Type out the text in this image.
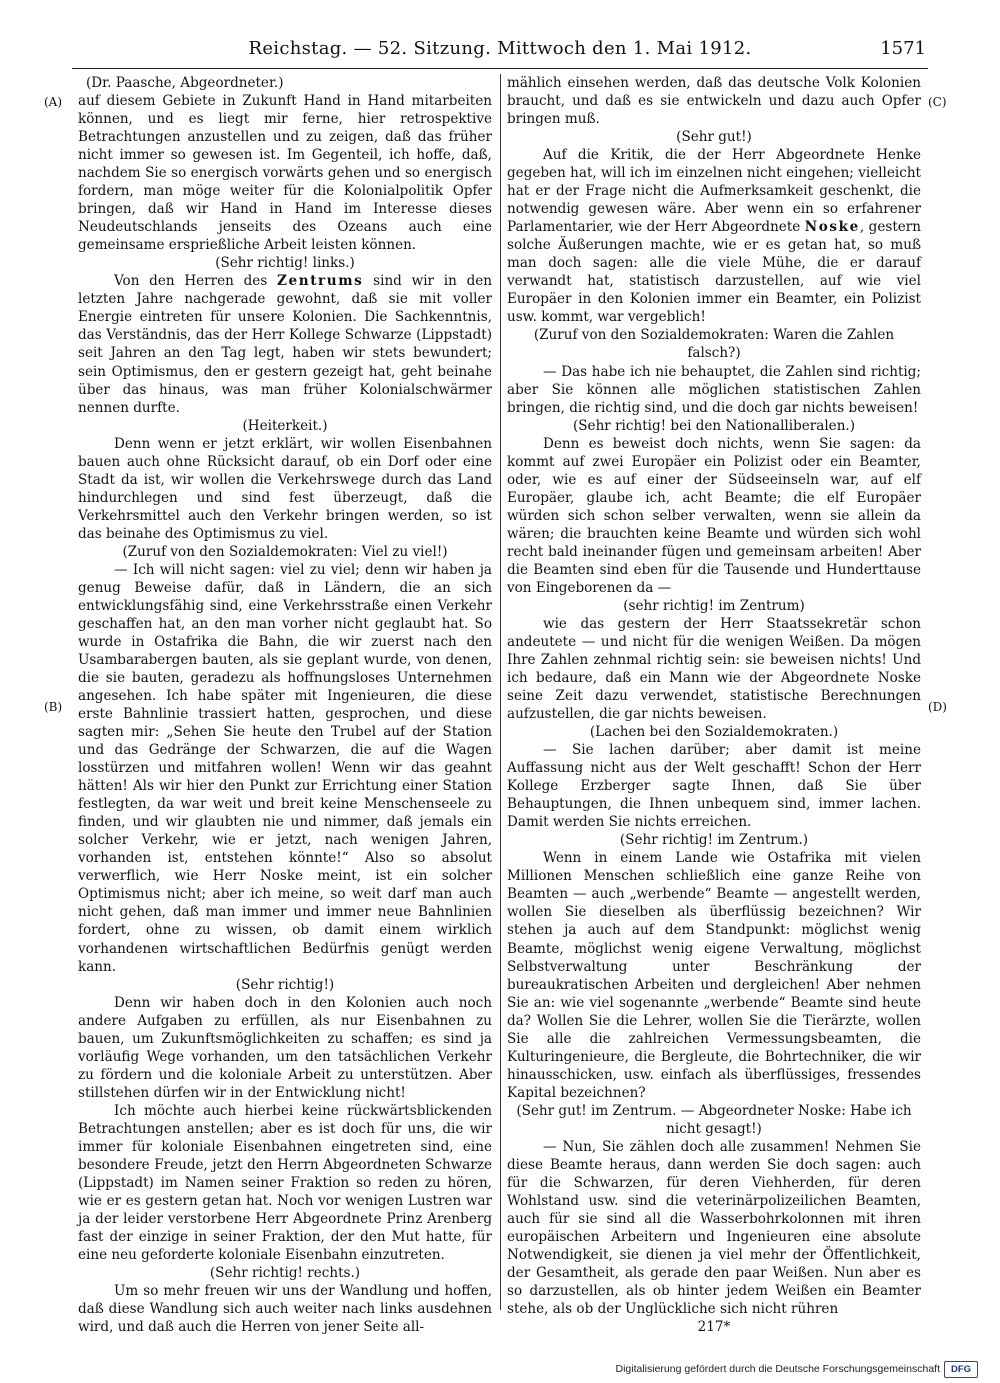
Reichstag. — 52. Sitzung. Mittwoch den 1. Mai 1912.	1571
(A)
(B)
(C)
(D)

(Dr. Paasche, Abgeordneter.)

auf diesem Gebiete in Zukunft Hand in Hand mitarbeiten können, und es liegt mir ferne, hier retrospektive Betrachtungen anzustellen und zu zeigen, daß das früher nicht immer so gewesen ist. Im Gegenteil, ich hoffe, daß, nachdem Sie so energisch vorwärts gehen und so energisch fordern, man möge weiter für die Kolonialpolitik Opfer bringen, daß wir Hand in Hand im Interesse dieses Neudeutschlands jenseits des Ozeans auch eine gemeinsame ersprießliche Arbeit leisten können.

(Sehr richtig! links.)

Von den Herren des Zentrums sind wir in den letzten Jahre nachgerade gewohnt, daß sie mit voller Energie eintreten für unsere Kolonien. Die Sachkenntnis, das Verständnis, das der Herr Kollege Schwarze (Lippstadt) seit Jahren an den Tag legt, haben wir stets bewundert; sein Optimismus, den er gestern gezeigt hat, geht beinahe über das hinaus, was man früher Kolonialschwärmer nennen durfte.

(Heiterkeit.)

Denn wenn er jetzt erklärt, wir wollen Eisenbahnen bauen auch ohne Rücksicht darauf, ob ein Dorf oder eine Stadt da ist, wir wollen die Verkehrswege durch das Land hindurchlegen und sind fest überzeugt, daß die Verkehrsmittel auch den Verkehr bringen werden, so ist das beinahe des Optimismus zu viel.

(Zuruf von den Sozialdemokraten: Viel zu viel!)

— Ich will nicht sagen: viel zu viel; denn wir haben ja genug Beweise dafür, daß in Ländern, die an sich entwicklungsfähig sind, eine Verkehrsstraße einen Verkehr geschaffen hat, an den man vorher nicht geglaubt hat. So wurde in Ostafrika die Bahn, die wir zuerst nach den Usambarabergen bauten, als sie geplant wurde, von denen, die sie bauten, geradezu als hoffnungsloses Unternehmen angesehen. Ich habe später mit Ingenieuren, die diese erste Bahnlinie trassiert hatten, gesprochen, und diese sagten mir: „Sehen Sie heute den Trubel auf der Station und das Gedränge der Schwarzen, die auf die Wagen losstürzen und mitfahren wollen! Wenn wir das geahnt hätten! Als wir hier den Punkt zur Errichtung einer Station festlegten, da war weit und breit keine Menschenseele zu finden, und wir glaubten nie und nimmer, daß jemals ein solcher Verkehr, wie er jetzt, nach wenigen Jahren, vorhanden ist, entstehen könnte!“ Also so absolut verwerflich, wie Herr Noske meint, ist ein solcher Optimismus nicht; aber ich meine, so weit darf man auch nicht gehen, daß man immer und immer neue Bahnlinien fordert, ohne zu wissen, ob damit einem wirklich vorhandenen wirtschaftlichen Bedürfnis genügt werden kann.

(Sehr richtig!)

Denn wir haben doch in den Kolonien auch noch andere Aufgaben zu erfüllen, als nur Eisenbahnen zu bauen, um Zukunftsmöglichkeiten zu schaffen; es sind ja vorläufig Wege vorhanden, um den tatsächlichen Verkehr zu fördern und die koloniale Arbeit zu unterstützen. Aber stillstehen dürfen wir in der Entwicklung nicht!

Ich möchte auch hierbei keine rückwärtsblickenden Betrachtungen anstellen; aber es ist doch für uns, die wir immer für koloniale Eisenbahnen eingetreten sind, eine besondere Freude, jetzt den Herrn Abgeordneten Schwarze (Lippstadt) im Namen seiner Fraktion so reden zu hören, wie er es gestern getan hat. Noch vor wenigen Lustren war ja der leider verstorbene Herr Abgeordnete Prinz Arenberg fast der einzige in seiner Fraktion, der den Mut hatte, für eine neu geforderte koloniale Eisenbahn einzutreten.

(Sehr richtig! rechts.)

Um so mehr freuen wir uns der Wandlung und hoffen, daß diese Wandlung sich auch weiter nach links ausdehnen wird, und daß auch die Herren von jener Seite all-

mählich einsehen werden, daß das deutsche Volk Kolonien braucht, und daß es sie entwickeln und dazu auch Opfer bringen muß.

(Sehr gut!)

Auf die Kritik, die der Herr Abgeordnete Henke gegeben hat, will ich im einzelnen nicht eingehen; vielleicht hat er der Frage nicht die Aufmerksamkeit geschenkt, die notwendig gewesen wäre. Aber wenn ein so erfahrener Parlamentarier, wie der Herr Abgeordnete Noske, gestern solche Äußerungen machte, wie er es getan hat, so muß man doch sagen: alle die viele Mühe, die er darauf verwandt hat, statistisch darzustellen, auf wie viel Europäer in den Kolonien immer ein Beamter, ein Polizist usw. kommt, war vergeblich!

(Zuruf von den Sozialdemokraten: Waren die Zahlen falsch?)

— Das habe ich nie behauptet, die Zahlen sind richtig; aber Sie können alle möglichen statistischen Zahlen bringen, die richtig sind, und die doch gar nichts beweisen!

(Sehr richtig! bei den Nationalliberalen.)

Denn es beweist doch nichts, wenn Sie sagen: da kommt auf zwei Europäer ein Polizist oder ein Beamter, oder, wie es auf einer der Südseeinseln war, auf elf Europäer, glaube ich, acht Beamte; die elf Europäer würden sich schon selber verwalten, wenn sie allein da wären; die brauchten keine Beamte und würden sich wohl recht bald ineinander fügen und gemeinsam arbeiten! Aber die Beamten sind eben für die Tausende und Hunderttause von Eingeborenen da —

(sehr richtig! im Zentrum)

wie das gestern der Herr Staatssekretär schon andeutete — und nicht für die wenigen Weißen. Da mögen Ihre Zahlen zehnmal richtig sein: sie beweisen nichts! Und ich bedaure, daß ein Mann wie der Abgeordnete Noske seine Zeit dazu verwendet, statistische Berechnungen aufzustellen, die gar nichts beweisen.

(Lachen bei den Sozialdemokraten.)

— Sie lachen darüber; aber damit ist meine Auffassung nicht aus der Welt geschafft! Schon der Herr Kollege Erzberger sagte Ihnen, daß Sie über Behauptungen, die Ihnen unbequem sind, immer lachen. Damit werden Sie nichts erreichen.

(Sehr richtig! im Zentrum.)

Wenn in einem Lande wie Ostafrika mit vielen Millionen Menschen schließlich eine ganze Reihe von Beamten — auch „werbende“ Beamte — angestellt werden, wollen Sie dieselben als überflüssig bezeichnen? Wir stehen ja auch auf dem Standpunkt: möglichst wenig Beamte, möglichst wenig eigene Verwaltung, möglichst Selbstverwaltung unter Beschränkung der bureaukratischen Arbeiten und dergleichen! Aber nehmen Sie an: wie viel sogenannte „werbende“ Beamte sind heute da? Wollen Sie die Lehrer, wollen Sie die Tierärzte, wollen Sie alle die zahlreichen Vermessungsbeamten, die Kulturingenieure, die Bergleute, die Bohrtechniker, die wir hinausschicken, usw. einfach als überflüssiges, fressendes Kapital bezeichnen?

(Sehr gut! im Zentrum. — Abgeordneter Noske: Habe ich nicht gesagt!)

— Nun, Sie zählen doch alle zusammen! Nehmen Sie diese Beamte heraus, dann werden Sie doch sagen: auch für die Schwarzen, für deren Viehherden, für deren Wohlstand usw. sind die veterinärpolizeilichen Beamten, auch für sie sind all die Wasserbohrkolonnen mit ihren europäischen Arbeitern und Ingenieuren eine absolute Notwendigkeit, sie dienen ja viel mehr der Öffentlichkeit, der Gesamtheit, als gerade den paar Weißen. Nun aber es so darzustellen, als ob hinter jedem Weißen ein Beamter stehe, als ob der Unglückliche sich nicht rühren

217*

Digitalisierung gefördert durch die Deutsche Forschungsgemeinschaft	DFG
